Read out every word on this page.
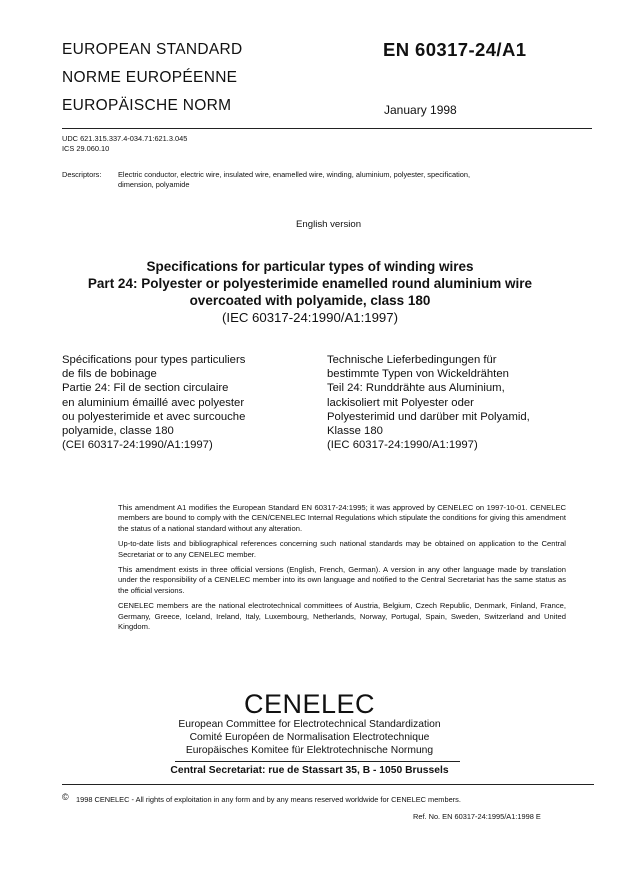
EUROPEAN STANDARD
NORME EUROPÉENNE
EUROPÄISCHE NORM
EN 60317-24/A1
January 1998
UDC 621.315.337.4-034.71:621.3.045
ICS 29.060.10
Descriptors: Electric conductor, electric wire, insulated wire, enamelled wire, winding, aluminium, polyester, specification,
dimension, polyamide
English version
Specifications for particular types of winding wires
Part 24: Polyester or polyesterimide enamelled round aluminium wire
overcoated with polyamide, class 180
(IEC 60317-24:1990/A1:1997)
Spécifications pour types particuliers
de fils de bobinage
Partie 24: Fil de section circulaire
en aluminium émaillé avec polyester
ou polyesterimide et avec surcouche
polyamide, classe 180
(CEI 60317-24:1990/A1:1997)
Technische Lieferbedingungen für
bestimmte Typen von Wickeldrähten
Teil 24: Runddrähte aus Aluminium,
lackisoliert mit Polyester oder
Polyesterimid und darüber mit Polyamid,
Klasse 180
(IEC 60317-24:1990/A1:1997)

This amendment A1 modifies the European Standard EN 60317-24:1995; it was approved by CENELEC on 1997-10-01. CENELEC members are bound to comply with the CEN/CENELEC Internal Regulations which stipulate the conditions for giving this amendment the status of a national standard without any alteration.

Up-to-date lists and bibliographical references concerning such national standards may be obtained on application to the Central Secretariat or to any CENELEC member.

This amendment exists in three official versions (English, French, German). A version in any other language made by translation under the responsibility of a CENELEC member into its own language and notified to the Central Secretariat has the same status as the official versions.

CENELEC members are the national electrotechnical committees of Austria, Belgium, Czech Republic, Denmark, Finland, France, Germany, Greece, Iceland, Ireland, Italy, Luxembourg, Netherlands, Norway, Portugal, Spain, Sweden, Switzerland and United Kingdom.

CENELEC
European Committee for Electrotechnical Standardization
Comité Européen de Normalisation Electrotechnique
Europäisches Komitee für Elektrotechnische Normung
Central Secretariat: rue de Stassart 35, B - 1050 Brussels
© 1998 CENELEC - All rights of exploitation in any form and by any means reserved worldwide for CENELEC members.
Ref. No. EN 60317-24:1995/A1:1998 E
